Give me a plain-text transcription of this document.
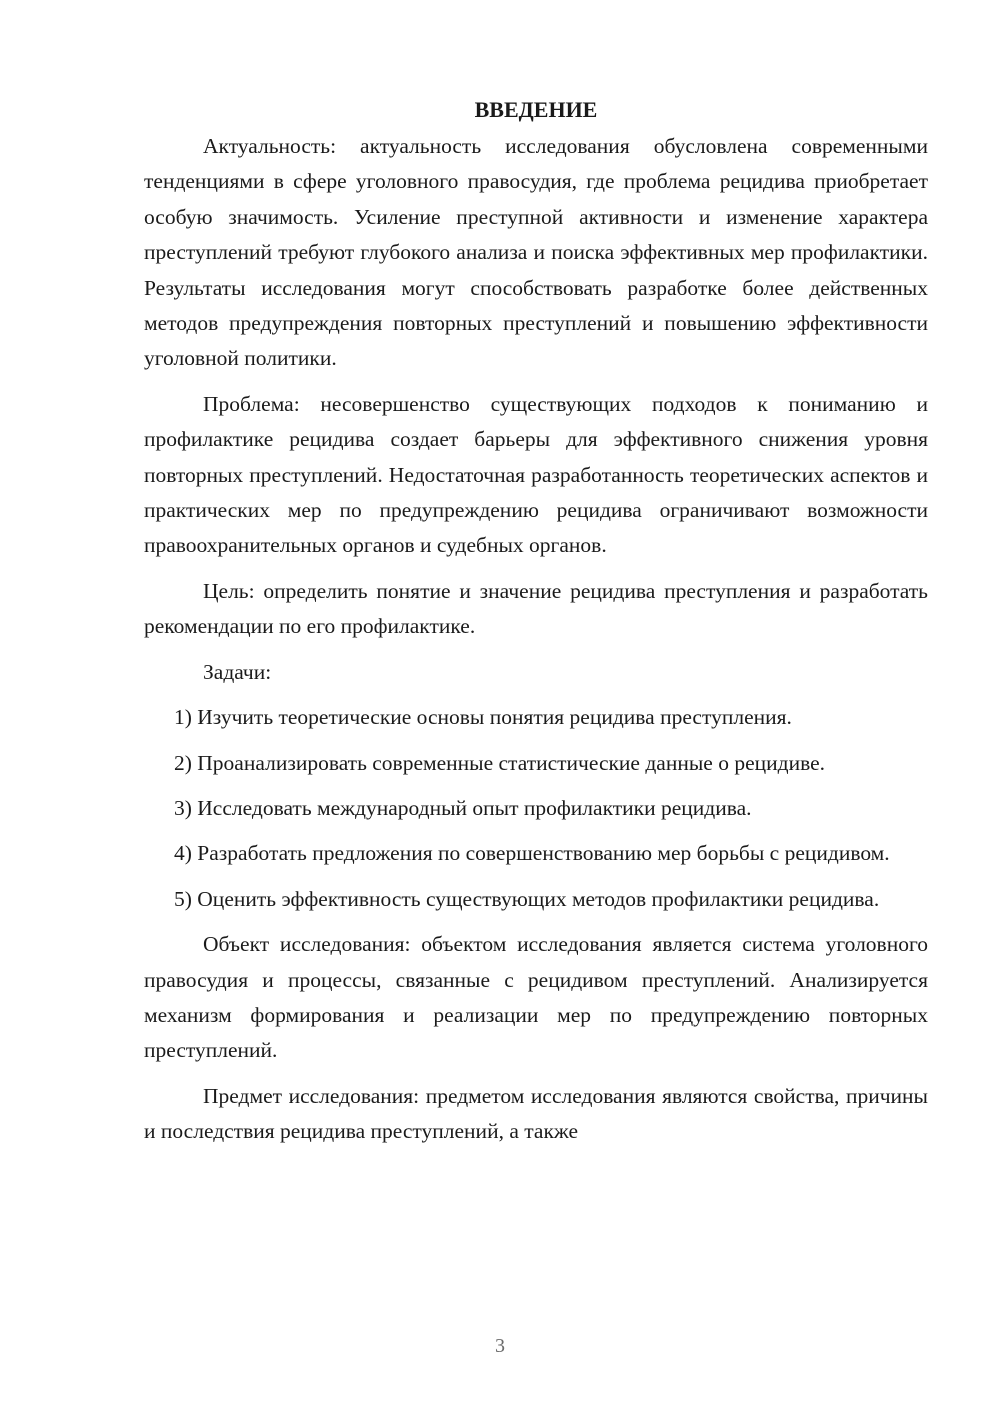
ВВЕДЕНИЕ

Актуальность: актуальность исследования обусловлена современными тенденциями в сфере уголовного правосудия, где проблема рецидива приобретает особую значимость. Усиление преступной активности и изменение характера преступлений требуют глубокого анализа и поиска эффективных мер профилактики. Результаты исследования могут способствовать разработке более действенных методов предупреждения повторных преступлений и повышению эффективности уголовной политики.

Проблема: несовершенство существующих подходов к пониманию и профилактике рецидива создает барьеры для эффективного снижения уровня повторных преступлений. Недостаточная разработанность теоретических аспектов и практических мер по предупреждению рецидива ограничивают возможности правоохранительных органов и судебных органов.

Цель: определить понятие и значение рецидива преступления и разработать рекомендации по его профилактике.

Задачи:

1) Изучить теоретические основы понятия рецидива преступления.

2) Проанализировать современные статистические данные о рецидиве.

3) Исследовать международный опыт профилактики рецидива.

4) Разработать предложения по совершенствованию мер борьбы с рецидивом.

5) Оценить эффективность существующих методов профилактики рецидива.

Объект исследования: объектом исследования является система уголовного правосудия и процессы, связанные с рецидивом преступлений. Анализируется механизм формирования и реализации мер по предупреждению повторных преступлений.

Предмет исследования: предметом исследования являются свойства, причины и последствия рецидива преступлений, а также

3
